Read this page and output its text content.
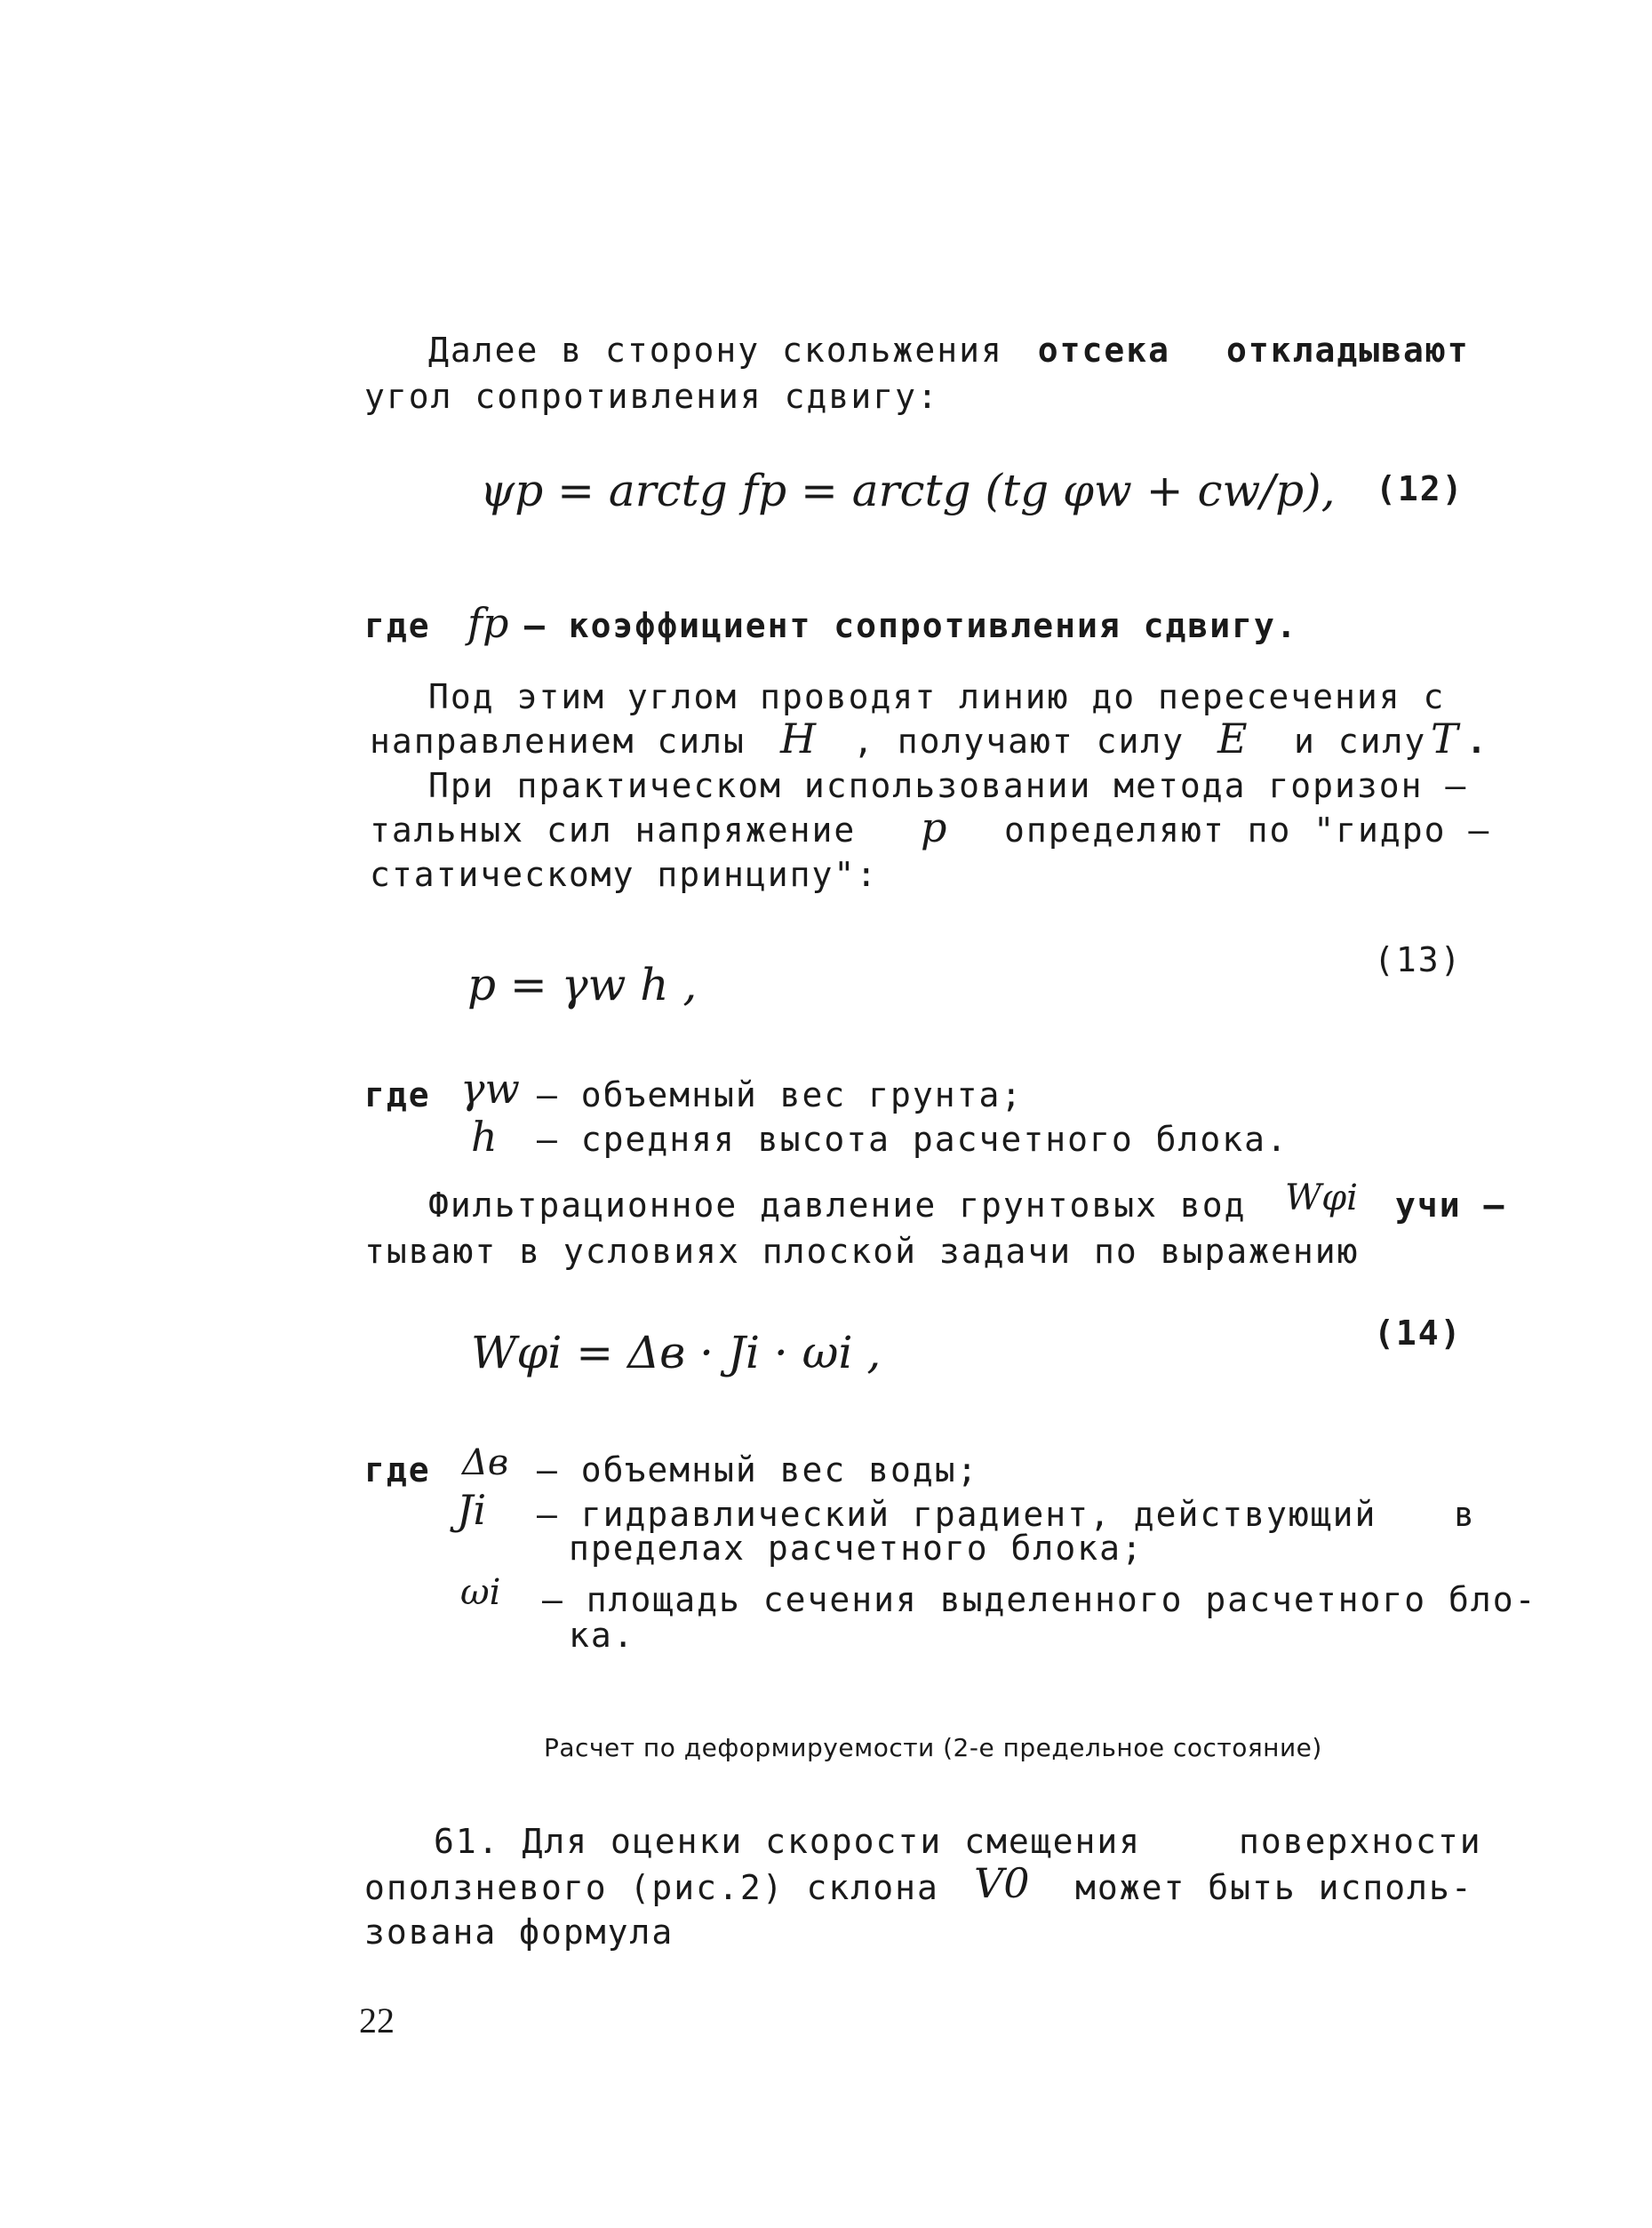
Далее в сторону скольжения отсека откладывают
угол сопротивления сдвигу:
ψp = arctg fp = arctg (tg φw + cw/p), (12)
где fp – коэффициент сопротивления сдвигу.
Под этим углом проводят линию до пересечения с
направлением силы H , получают силу E и силу T .
При практическом использовании метода горизон –
тальных сил напряжение p определяют по "гидро –
статическому принципу":
p = γw h ,	(13)
где γw – объемный вес грунта;
h – средняя высота расчетного блока.
Фильтрационное давление грунтовых вод Wφi учи –
тывают в условиях плоской задачи по выражению
Wφi = Δв · Ji · ωi ,	(14)
где Δв – объемный вес воды;
Ji – гидравлический градиент, действующий в
пределах расчетного блока;
ωi – площадь сечения выделенного расчетного бло-
ка.
Расчет по деформируемости (2-е предельное состояние)
61. Для оценки скорости смещения	поверхности
оползневого (рис.2) склона V0 может быть исполь-
зована формула
22
